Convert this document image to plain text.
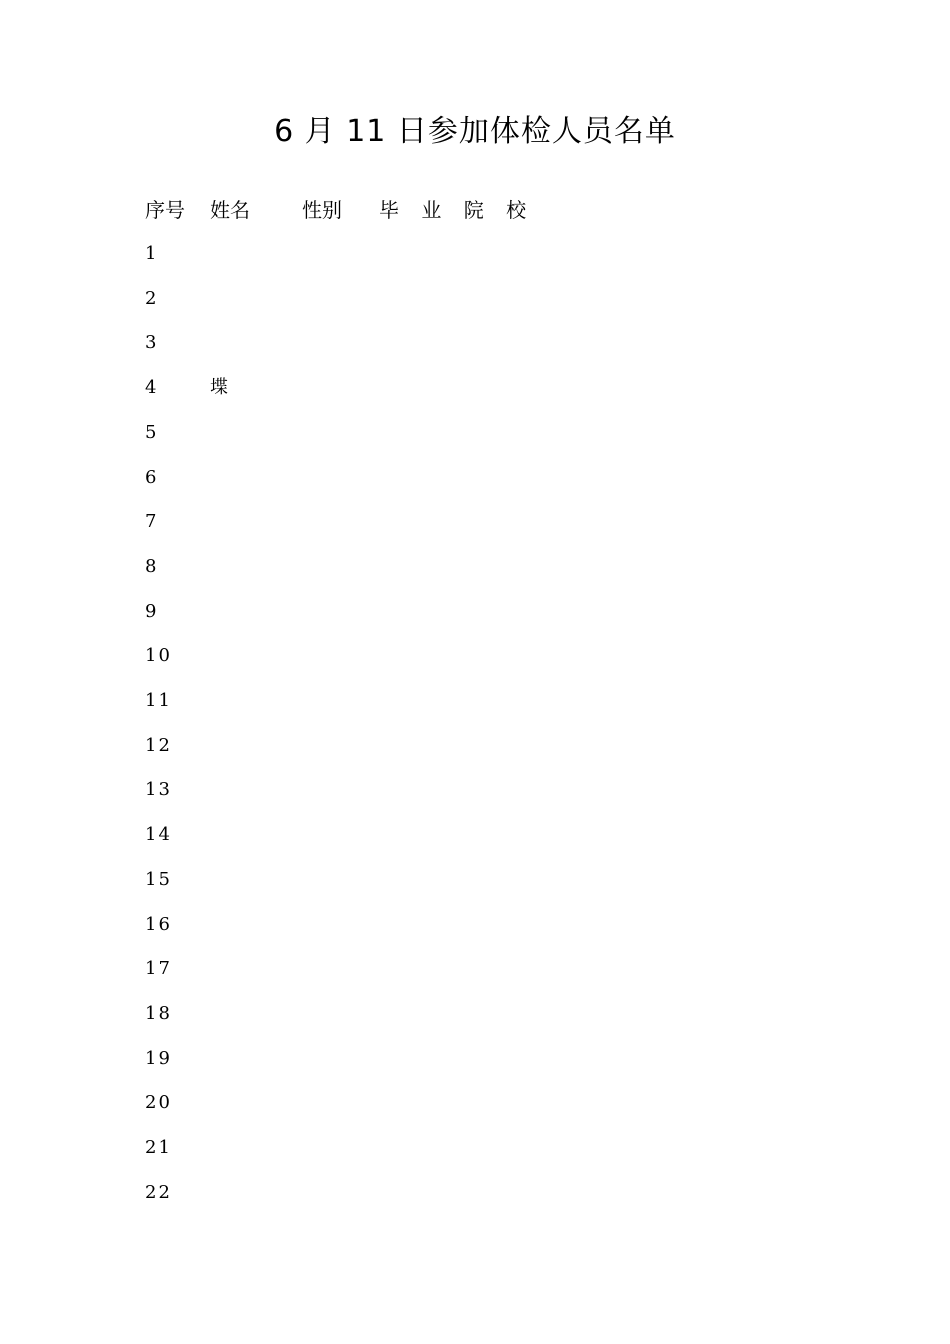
6 月 11 日参加体检人员名单
序号 姓名	性别 毕 业 院 校
1
2
3
4	堞
5
6
7
8
9
10
11
12
13
14
15
16
17
18
19
20
21
22
